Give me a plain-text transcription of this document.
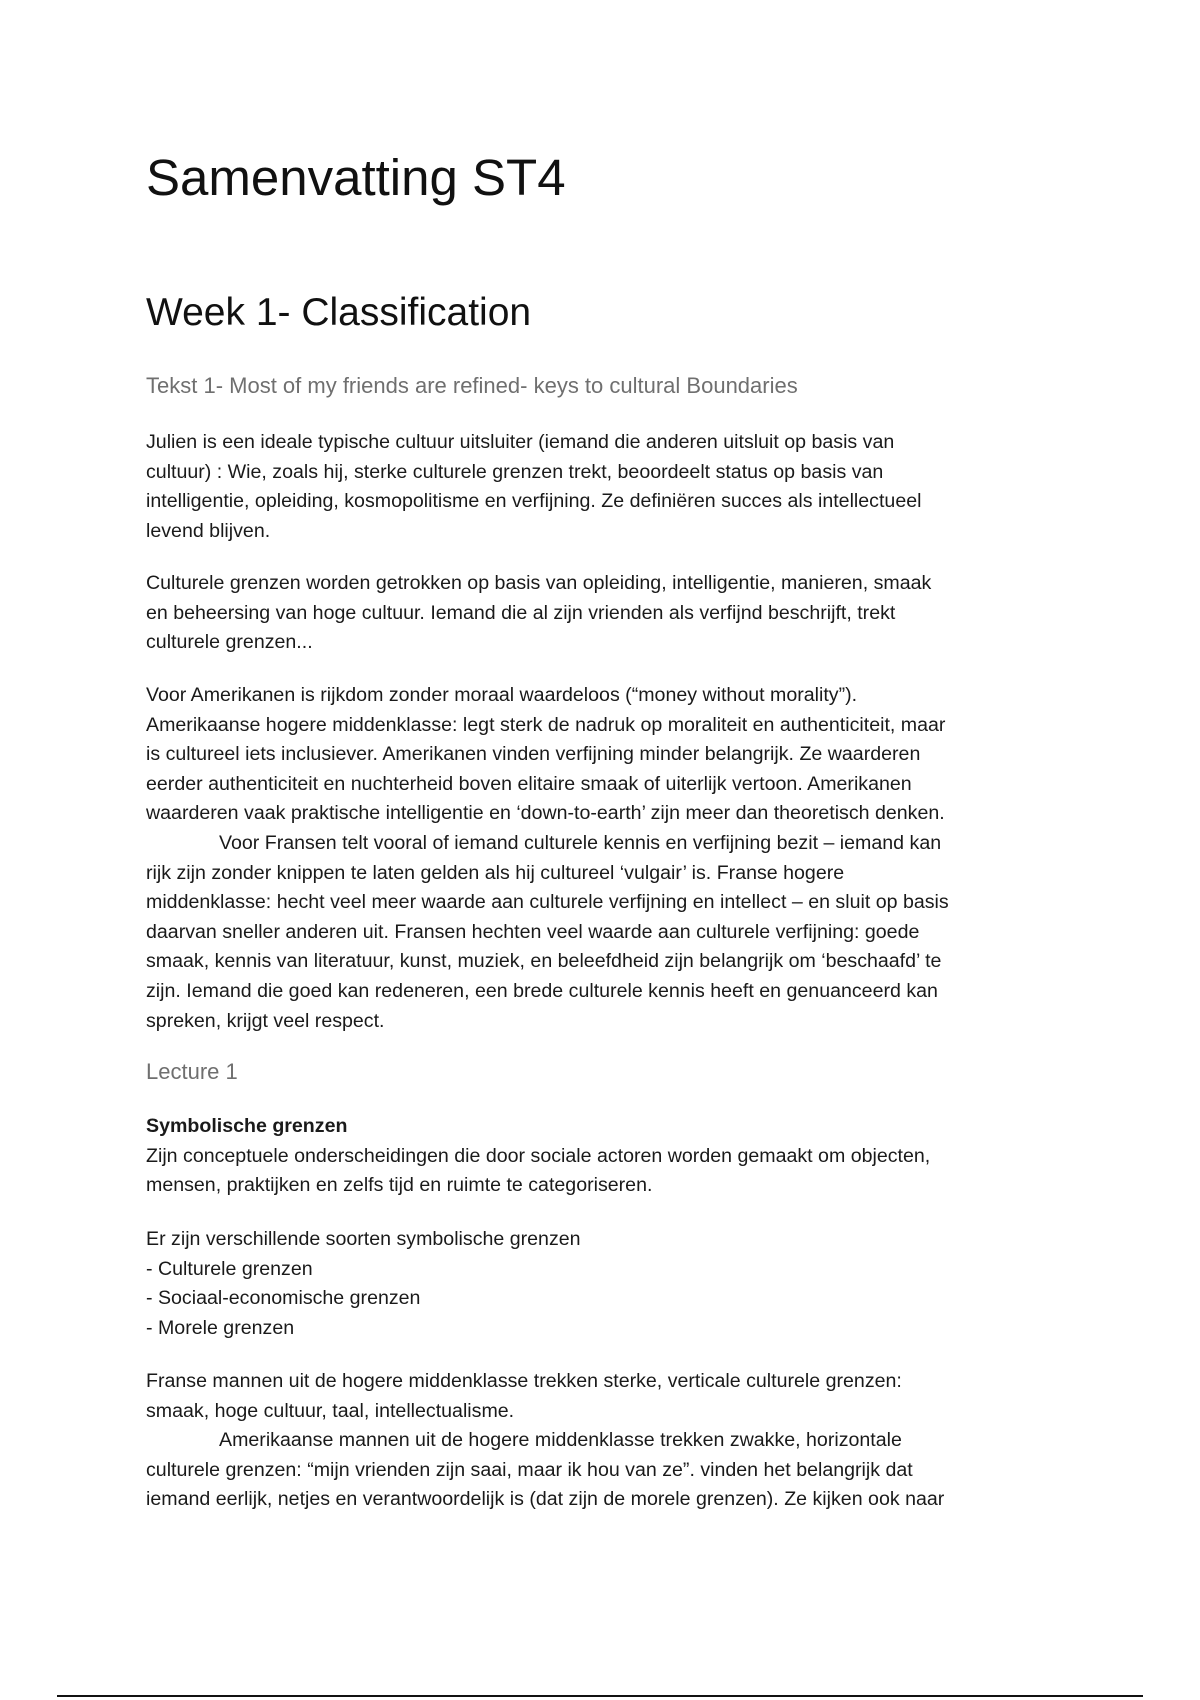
Samenvatting ST4
Week 1- Classification
Tekst 1- Most of my friends are refined- keys to cultural Boundaries

Julien is een ideale typische cultuur uitsluiter (iemand die anderen uitsluit op basis van
cultuur) : Wie, zoals hij, sterke culturele grenzen trekt, beoordeelt status op basis van
intelligentie, opleiding, kosmopolitisme en verfijning. Ze definiëren succes als intellectueel
levend blijven.

Culturele grenzen worden getrokken op basis van opleiding, intelligentie, manieren, smaak
en beheersing van hoge cultuur. Iemand die al zijn vrienden als verfijnd beschrijft, trekt
culturele grenzen...

Voor Amerikanen is rijkdom zonder moraal waardeloos (“money without morality”).
Amerikaanse hogere middenklasse: legt sterk de nadruk op moraliteit en authenticiteit, maar
is cultureel iets inclusiever. Amerikanen vinden verfijning minder belangrijk. Ze waarderen
eerder authenticiteit en nuchterheid boven elitaire smaak of uiterlijk vertoon. Amerikanen
waarderen vaak praktische intelligentie en ‘down-to-earth’ zijn meer dan theoretisch denken.
Voor Fransen telt vooral of iemand culturele kennis en verfijning bezit – iemand kan
rijk zijn zonder knippen te laten gelden als hij cultureel ‘vulgair’ is. Franse hogere
middenklasse: hecht veel meer waarde aan culturele verfijning en intellect – en sluit op basis
daarvan sneller anderen uit. Fransen hechten veel waarde aan culturele verfijning: goede
smaak, kennis van literatuur, kunst, muziek, en beleefdheid zijn belangrijk om ‘beschaafd’ te
zijn. Iemand die goed kan redeneren, een brede culturele kennis heeft en genuanceerd kan
spreken, krijgt veel respect.

Lecture 1

Symbolische grenzen
Zijn conceptuele onderscheidingen die door sociale actoren worden gemaakt om objecten,
mensen, praktijken en zelfs tijd en ruimte te categoriseren.

Er zijn verschillende soorten symbolische grenzen
- Culturele grenzen
- Sociaal-economische grenzen
- Morele grenzen

Franse mannen uit de hogere middenklasse trekken sterke, verticale culturele grenzen:
smaak, hoge cultuur, taal, intellectualisme.
Amerikaanse mannen uit de hogere middenklasse trekken zwakke, horizontale
culturele grenzen: “mijn vrienden zijn saai, maar ik hou van ze”. vinden het belangrijk dat
iemand eerlijk, netjes en verantwoordelijk is (dat zijn de morele grenzen). Ze kijken ook naar
